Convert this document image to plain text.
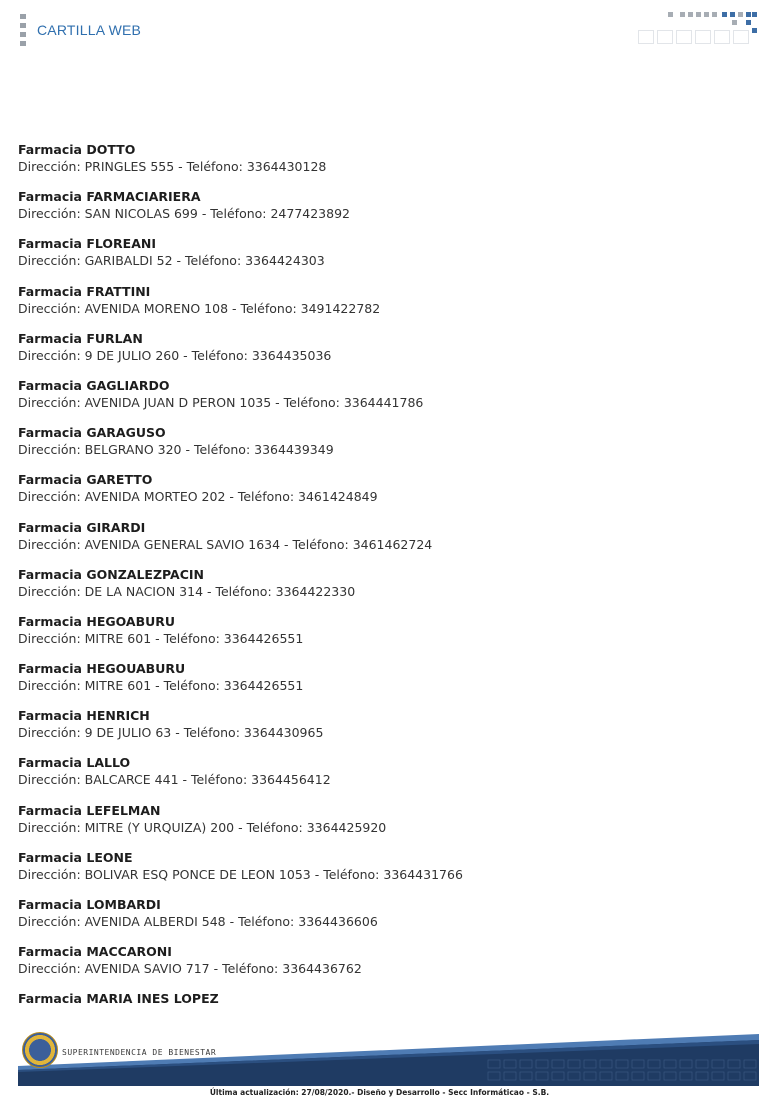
CARTILLA WEB

Farmacia DOTTO

Dirección: PRINGLES 555 - Teléfono: 3364430128

Farmacia FARMACIARIERA

Dirección: SAN NICOLAS 699 - Teléfono: 2477423892

Farmacia FLOREANI

Dirección: GARIBALDI 52 - Teléfono: 3364424303

Farmacia FRATTINI

Dirección: AVENIDA MORENO 108 - Teléfono: 3491422782

Farmacia FURLAN

Dirección: 9 DE JULIO 260 - Teléfono: 3364435036

Farmacia GAGLIARDO

Dirección: AVENIDA JUAN D PERON 1035 - Teléfono: 3364441786

Farmacia GARAGUSO

Dirección: BELGRANO 320 - Teléfono: 3364439349

Farmacia GARETTO

Dirección: AVENIDA MORTEO 202 - Teléfono: 3461424849

Farmacia GIRARDI

Dirección: AVENIDA GENERAL SAVIO 1634 - Teléfono: 3461462724

Farmacia GONZALEZPACIN

Dirección: DE LA NACION 314 - Teléfono: 3364422330

Farmacia HEGOABURU

Dirección: MITRE 601 - Teléfono: 3364426551

Farmacia HEGOUABURU

Dirección: MITRE 601 - Teléfono: 3364426551

Farmacia HENRICH

Dirección: 9 DE JULIO 63 - Teléfono: 3364430965

Farmacia LALLO

Dirección: BALCARCE 441 - Teléfono: 3364456412

Farmacia LEFELMAN

Dirección: MITRE (Y URQUIZA) 200 - Teléfono: 3364425920

Farmacia LEONE

Dirección: BOLIVAR ESQ PONCE DE LEON 1053 - Teléfono: 3364431766

Farmacia LOMBARDI

Dirección: AVENIDA ALBERDI 548 - Teléfono: 3364436606

Farmacia MACCARONI

Dirección: AVENIDA SAVIO 717 - Teléfono: 3364436762

Farmacia MARIA INES LOPEZ

SUPERINTENDENCIA DE BIENESTAR
Última actualización: 27/08/2020.- Diseño y Desarrollo - Secc Informáticao - S.B.
